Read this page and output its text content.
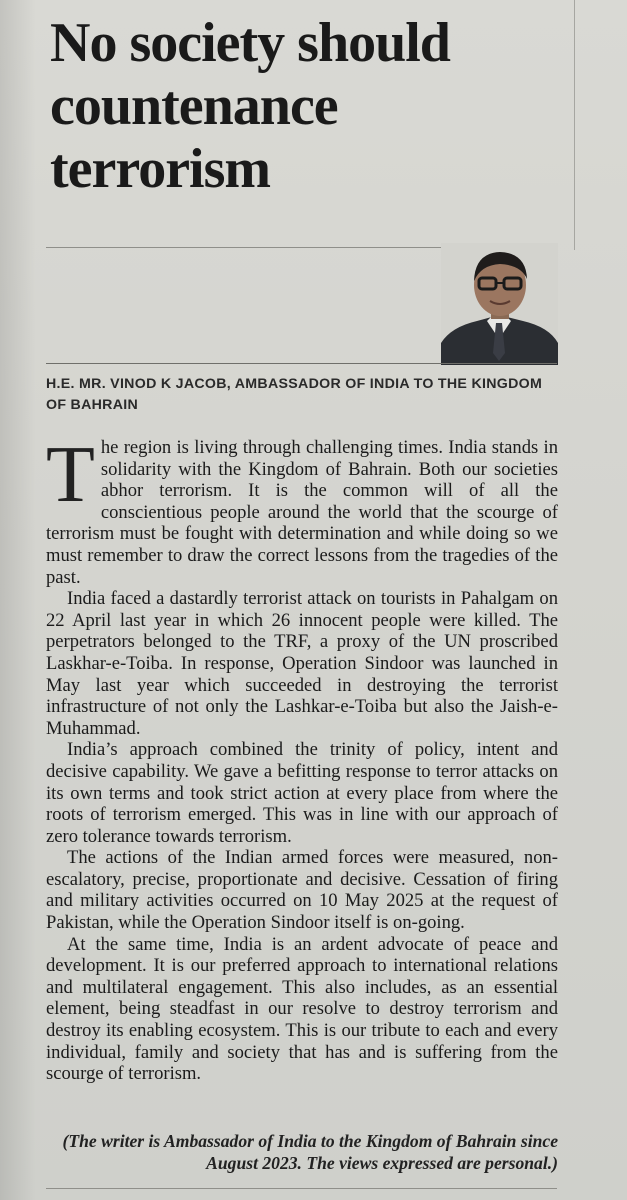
No society should countenance terrorism

H.E. MR. VINOD K JACOB, AMBASSADOR OF INDIA TO THE KINGDOM OF BAHRAIN

The region is living through challenging times. India stands in solidarity with the Kingdom of Bahrain. Both our societies abhor terrorism. It is the common will of all the conscientious people around the world that the scourge of terrorism must be fought with determination and while doing so we must remember to draw the correct lessons from the tragedies of the past.

India faced a dastardly terrorist attack on tourists in Pahalgam on 22 April last year in which 26 innocent people were killed. The perpetrators belonged to the TRF, a proxy of the UN proscribed Laskhar-e-Toiba. In response, Operation Sindoor was launched in May last year which succeeded in destroying the terrorist infrastructure of not only the Lashkar-e-Toiba but also the Jaish-e-Muhammad.

India’s approach combined the trinity of policy, intent and decisive capability. We gave a befitting response to terror attacks on its own terms and took strict action at every place from where the roots of terrorism emerged. This was in line with our approach of zero tolerance towards terrorism.

The actions of the Indian armed forces were measured, non-escalatory, precise, proportionate and decisive. Cessation of firing and military activities occurred on 10 May 2025 at the request of Pakistan, while the Operation Sindoor itself is on-going.

At the same time, India is an ardent advocate of peace and development. It is our preferred approach to international relations and multilateral engagement. This also includes, as an essential element, being steadfast in our resolve to destroy terrorism and destroy its enabling ecosystem. This is our tribute to each and every individual, family and society that has and is suffering from the scourge of terrorism.

(The writer is Ambassador of India to the Kingdom of Bahrain since August 2023. The views expressed are personal.)
